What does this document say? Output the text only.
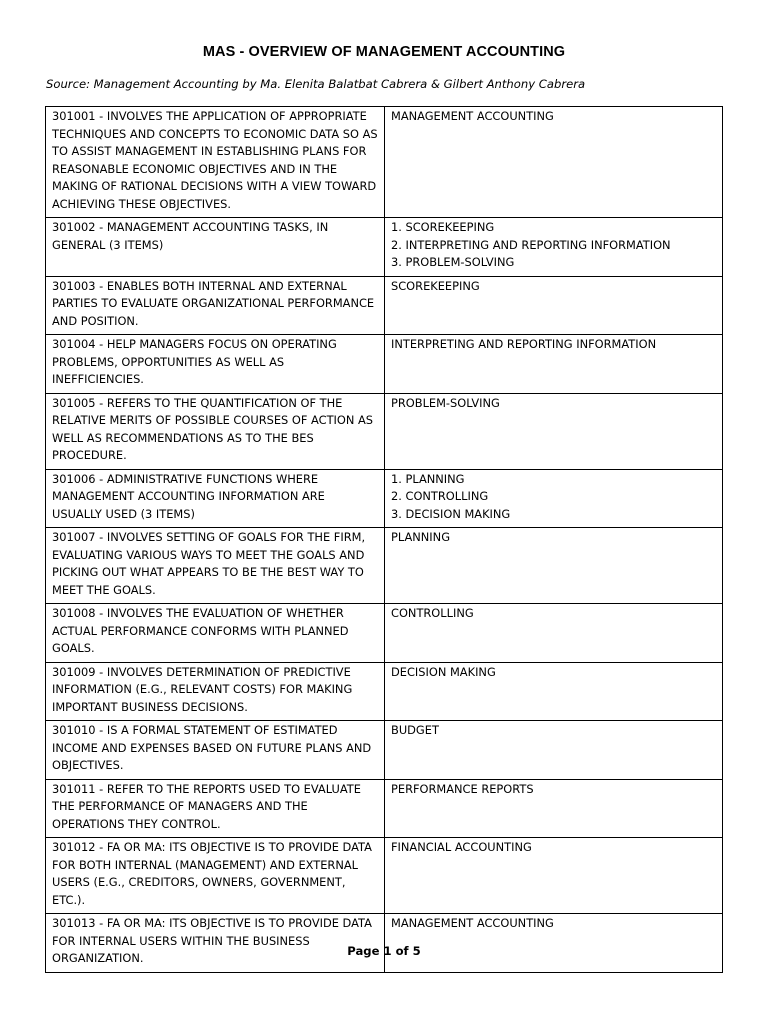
MAS - OVERVIEW OF MANAGEMENT ACCOUNTING
Source: Management Accounting by Ma. Elenita Balatbat Cabrera & Gilbert Anthony Cabrera
301001 - INVOLVES THE APPLICATION OF APPROPRIATE TECHNIQUES AND CONCEPTS TO ECONOMIC DATA SO AS TO ASSIST MANAGEMENT IN ESTABLISHING PLANS FOR REASONABLE ECONOMIC OBJECTIVES AND IN THE MAKING OF RATIONAL DECISIONS WITH A VIEW TOWARD ACHIEVING THESE OBJECTIVES.	MANAGEMENT ACCOUNTING

301002 - MANAGEMENT ACCOUNTING TASKS, IN GENERAL (3 ITEMS)	1. SCOREKEEPING
2. INTERPRETING AND REPORTING INFORMATION
3. PROBLEM-SOLVING

301003 - ENABLES BOTH INTERNAL AND EXTERNAL PARTIES TO EVALUATE ORGANIZATIONAL PERFORMANCE AND POSITION.	SCOREKEEPING

301004 - HELP MANAGERS FOCUS ON OPERATING PROBLEMS, OPPORTUNITIES AS WELL AS INEFFICIENCIES.	INTERPRETING AND REPORTING INFORMATION

301005 - REFERS TO THE QUANTIFICATION OF THE RELATIVE MERITS OF POSSIBLE COURSES OF ACTION AS WELL AS RECOMMENDATIONS AS TO THE BES PROCEDURE.	PROBLEM-SOLVING

301006 - ADMINISTRATIVE FUNCTIONS WHERE MANAGEMENT ACCOUNTING INFORMATION ARE USUALLY USED (3 ITEMS)	1. PLANNING
2. CONTROLLING
3. DECISION MAKING

301007 - INVOLVES SETTING OF GOALS FOR THE FIRM, EVALUATING VARIOUS WAYS TO MEET THE GOALS AND PICKING OUT WHAT APPEARS TO BE THE BEST WAY TO MEET THE GOALS.	PLANNING

301008 - INVOLVES THE EVALUATION OF WHETHER ACTUAL PERFORMANCE CONFORMS WITH PLANNED GOALS.	CONTROLLING

301009 - INVOLVES DETERMINATION OF PREDICTIVE INFORMATION (E.G., RELEVANT COSTS) FOR MAKING IMPORTANT BUSINESS DECISIONS.	DECISION MAKING

301010 - IS A FORMAL STATEMENT OF ESTIMATED INCOME AND EXPENSES BASED ON FUTURE PLANS AND OBJECTIVES.	BUDGET

301011 - REFER TO THE REPORTS USED TO EVALUATE THE PERFORMANCE OF MANAGERS AND THE OPERATIONS THEY CONTROL.	PERFORMANCE REPORTS

301012 - FA OR MA: ITS OBJECTIVE IS TO PROVIDE DATA FOR BOTH INTERNAL (MANAGEMENT) AND EXTERNAL USERS (E.G., CREDITORS, OWNERS, GOVERNMENT, ETC.).	FINANCIAL ACCOUNTING

301013 - FA OR MA: ITS OBJECTIVE IS TO PROVIDE DATA FOR INTERNAL USERS WITHIN THE BUSINESS ORGANIZATION.	MANAGEMENT ACCOUNTING
Page 1 of 5
